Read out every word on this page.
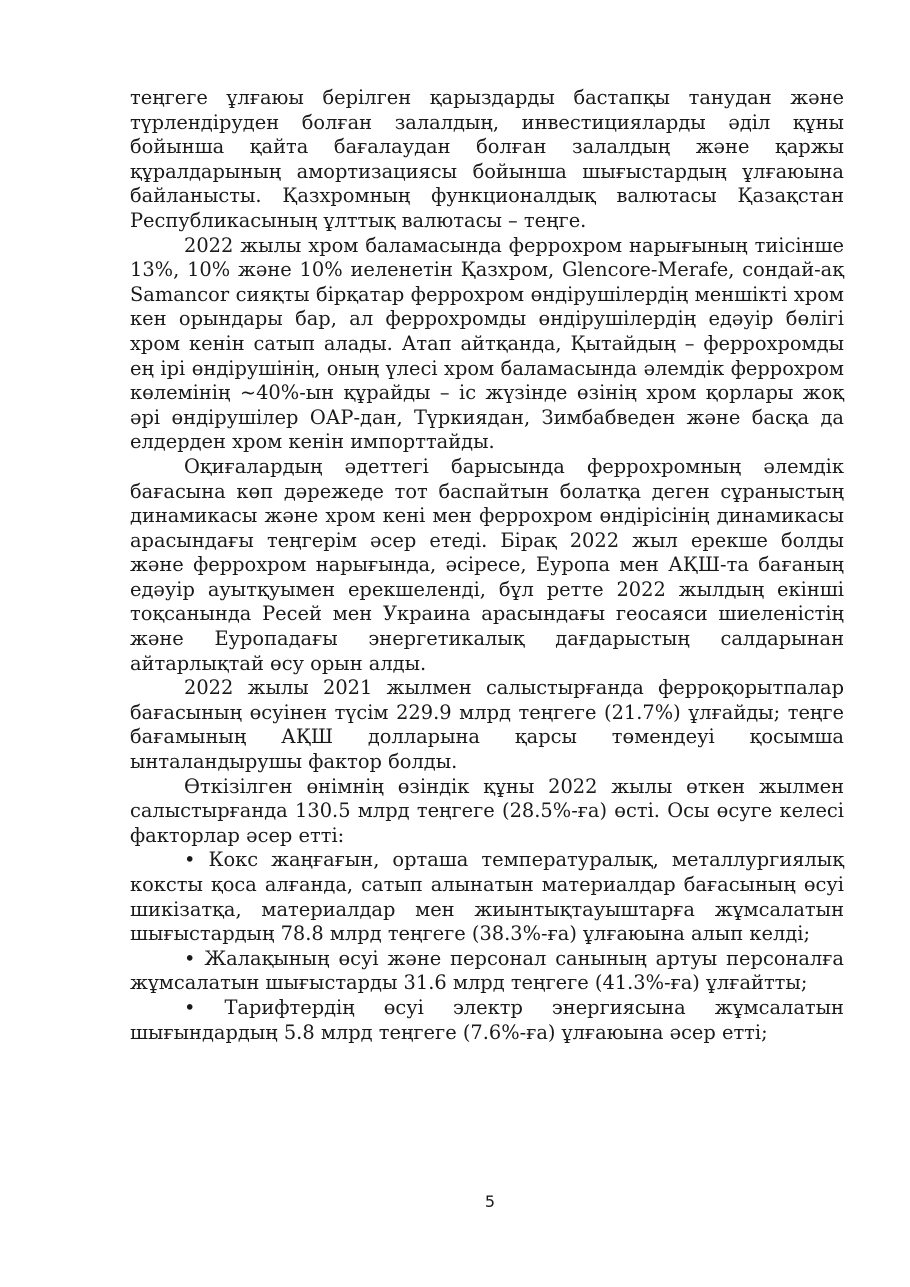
теңгеге ұлғаюы берілген қарыздарды бастапқы танудан және түрлендіруден болған залалдың, инвестицияларды әділ құны бойынша қайта бағалаудан болған залалдың және қаржы құралдарының амортизациясы бойынша шығыстардың ұлғаюына байланысты. Қазхромның функционалдық валютасы Қазақстан Республикасының ұлттық валютасы – теңге.

2022 жылы хром баламасында феррохром нарығының тиісінше 13%, 10% және 10% иеленетін Қазхром, Glencore-Merafe, сондай-ақ Samancor сияқты бірқатар феррохром өндірушілердің меншікті хром кен орындары бар, ал феррохромды өндірушілердің едәуір бөлігі хром кенін сатып алады. Атап айтқанда, Қытайдың – феррохромды ең ірі өндірушінің, оның үлесі хром баламасында әлемдік феррохром көлемінің ~40%-ын құрайды – іс жүзінде өзінің хром қорлары жоқ әрі өндірушілер ОАР-дан, Түркиядан, Зимбабведен және басқа да елдерден хром кенін импорттайды.

Оқиғалардың әдеттегі барысында феррохромның әлемдік бағасына көп дәрежеде тот баспайтын болатқа деген сұраныстың динамикасы және хром кені мен феррохром өндірісінің динамикасы арасындағы теңгерім әсер етеді. Бірақ 2022 жыл ерекше болды және феррохром нарығында, әсіресе, Еуропа мен АҚШ-та бағаның едәуір ауытқуымен ерекшеленді, бұл ретте 2022 жылдың екінші тоқсанында Ресей мен Украина арасындағы геосаяси шиеленістің және Еуропадағы энергетикалық дағдарыстың салдарынан айтарлықтай өсу орын алды.

2022 жылы 2021 жылмен салыстырғанда ферроқорытпалар бағасының өсуінен түсім 229.9 млрд теңгеге (21.7%) ұлғайды; теңге бағамының АҚШ долларына қарсы төмендеуі қосымша ынталандырушы фактор болды.

Өткізілген өнімнің өзіндік құны 2022 жылы өткен жылмен салыстырғанда 130.5 млрд теңгеге (28.5%-ға) өсті. Осы өсуге келесі факторлар әсеp етті:

• Кокс жаңғағын, орташа температуралық, металлургиялық коксты қоса алғанда, сатып алынатын материалдар бағасының өсуі шикізатқа, материалдар мен жиынтықтауыштарға жұмсалатын шығыстардың 78.8 млрд теңгеге (38.3%-ға) ұлғаюына алып келді;

• Жалақының өсуі және персонал санының артуы персоналға жұмсалатын шығыстарды 31.6 млрд теңгеге (41.3%-ға) ұлғайтты;

• Тарифтердің өсуі электр энергиясына жұмсалатын шығындардың 5.8 млрд теңгеге (7.6%-ға) ұлғаюына әсер етті;

5
